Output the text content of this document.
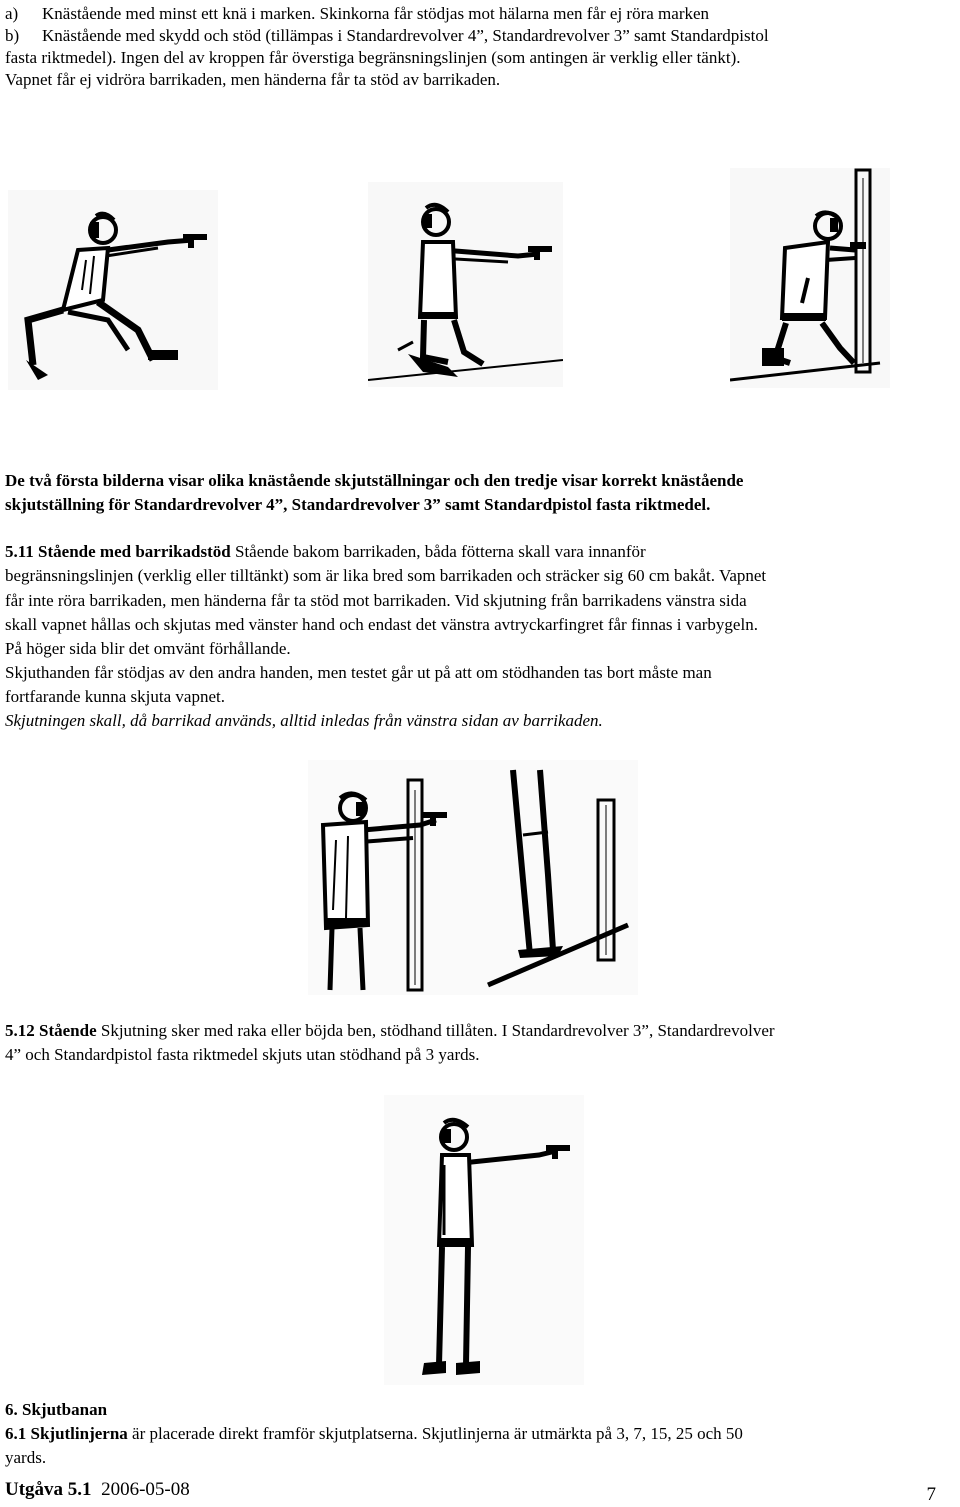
a) Knästående med minst ett knä i marken. Skinkorna får stödjas mot hälarna men får ej röra marken
b) Knästående med skydd och stöd (tillämpas i Standardrevolver 4”, Standardrevolver 3” samt Standardpistol
fasta riktmedel). Ingen del av kroppen får överstiga begränsningslinjen (som antingen är verklig eller tänkt).
Vapnet får ej vidröra barrikaden, men händerna får ta stöd av barrikaden.
De två första bilderna visar olika knästående skjutställningar och den tredje visar korrekt knästående
skjutställning för Standardrevolver 4”, Standardrevolver 3” samt Standardpistol fasta riktmedel.
5.11 Stående med barrikadstöd Stående bakom barrikaden, båda fötterna skall vara innanför
begränsningslinjen (verklig eller tilltänkt) som är lika bred som barrikaden och sträcker sig 60 cm bakåt. Vapnet
får inte röra barrikaden, men händerna får ta stöd mot barrikaden. Vid skjutning från barrikadens vänstra sida
skall vapnet hållas och skjutas med vänster hand och endast det vänstra avtryckarfingret får finnas i varbygeln.
På höger sida blir det omvänt förhållande.
Skjuthanden får stödjas av den andra handen, men testet går ut på att om stödhanden tas bort måste man
fortfarande kunna skjuta vapnet.
Skjutningen skall, då barrikad används, alltid inledas från vänstra sidan av barrikaden.
5.12 Stående Skjutning sker med raka eller böjda ben, stödhand tillåten. I Standardrevolver 3”, Standardrevolver
4” och Standardpistol fasta riktmedel skjuts utan stödhand på 3 yards.
6. Skjutbanan
6.1 Skjutlinjerna är placerade direkt framför skjutplatserna. Skjutlinjerna är utmärkta på 3, 7, 15, 25 och 50
yards.
Utgåva 5.1 2006-05-08	7
